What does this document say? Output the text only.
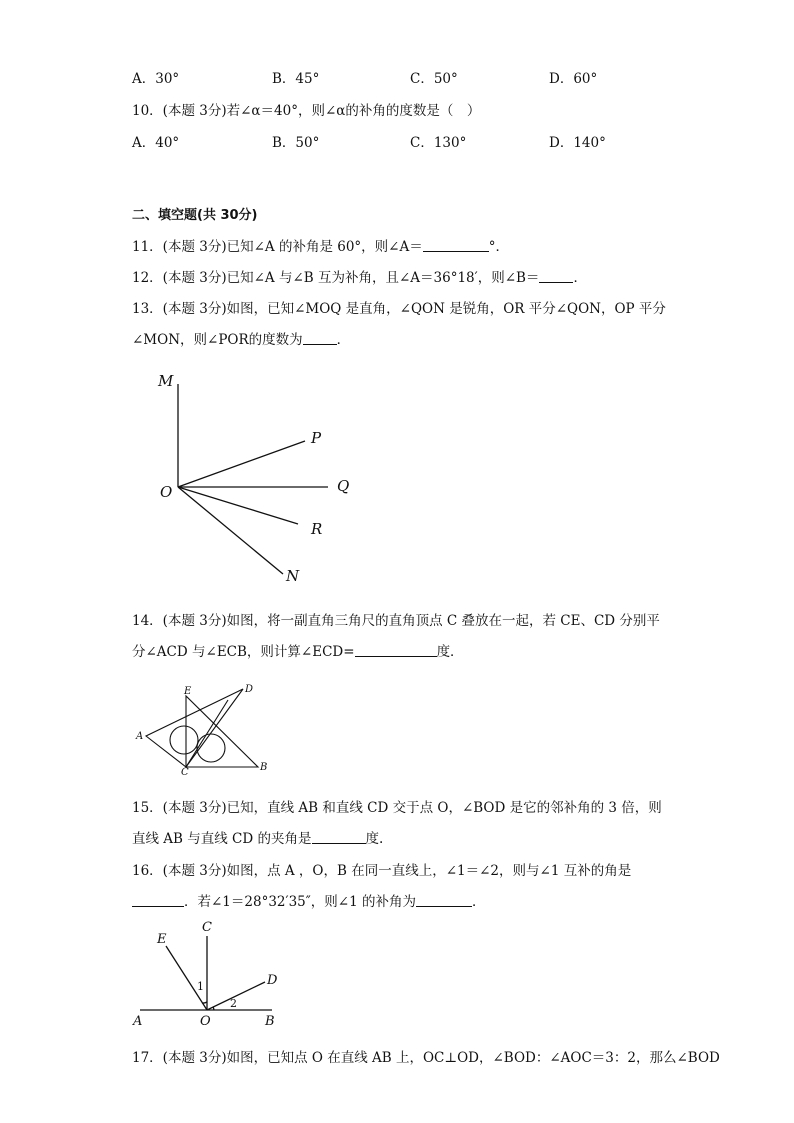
A．30°	B．45°	C．50°	D．60°
10．(本题 3分)若∠α＝40°，则∠α的补角的度数是（　）
A．40°	B．50°	C．130°	D．140°
二、填空题(共 30分)
11．(本题 3分)已知∠A 的补角是 60°，则∠A＝	°．
12．(本题 3分)已知∠A 与∠B 互为补角，且∠A＝36°18′，则∠B＝	．
13．(本题 3分)如图，已知∠MOQ 是直角，∠QON 是锐角，OR 平分∠QON，OP 平分
∠MON，则∠POR的度数为	．
M
P
O	Q
R
N
14．(本题 3分)如图，将一副直角三角尺的直角顶点 C 叠放在一起，若 CE、CD 分别平
分∠ACD 与∠ECB，则计算∠ECD=	度．
A
B
C
D
E
15．(本题 3分)已知，直线 AB 和直线 CD 交于点 O，∠BOD 是它的邻补角的 3 倍，则
直线 AB 与直线 CD 的夹角是	度.
16．(本题 3分)如图，点 A ，O，B 在同一直线上，∠1＝∠2，则与∠1 互补的角是
．若∠1＝28°32′35″，则∠1 的补角为	．
E
C
D
A	O	B
1
2
17．(本题 3分)如图，已知点 O 在直线 AB 上，OC⊥OD，∠BOD：∠AOC＝3：2，那么∠BOD
